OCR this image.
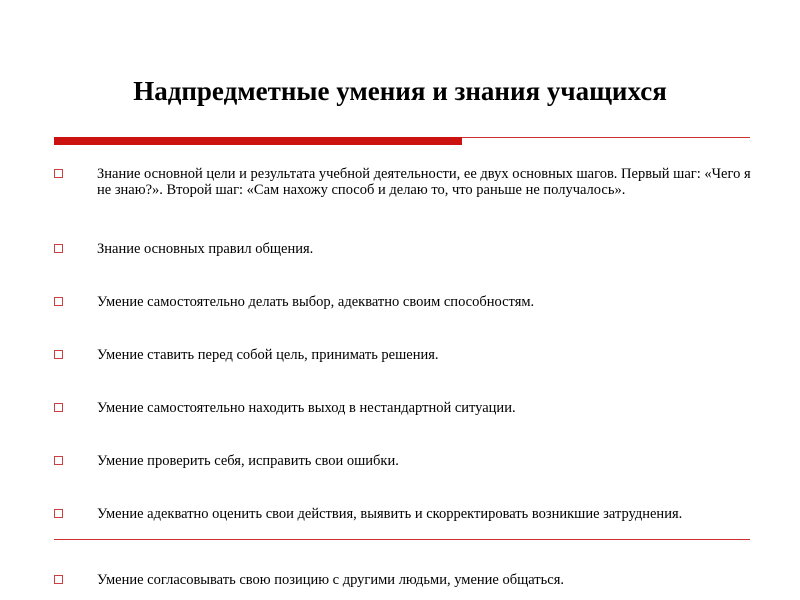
Надпредметные умения и знания учащихся
Знание основной цели и результата учебной деятельности, ее двух основных шагов. Первый шаг: «Чего я не знаю?». Второй шаг: «Сам нахожу способ и делаю то, что раньше не получалось».
Знание основных правил общения.
Умение самостоятельно делать выбор, адекватно своим способностям.
Умение ставить перед собой цель, принимать решения.
Умение самостоятельно находить выход в нестандартной ситуации.
Умение проверить себя, исправить свои ошибки.
Умение адекватно оценить свои действия, выявить и скорректировать возникшие затруднения.
Умение согласовывать свою позицию с другими людьми, умение общаться.
